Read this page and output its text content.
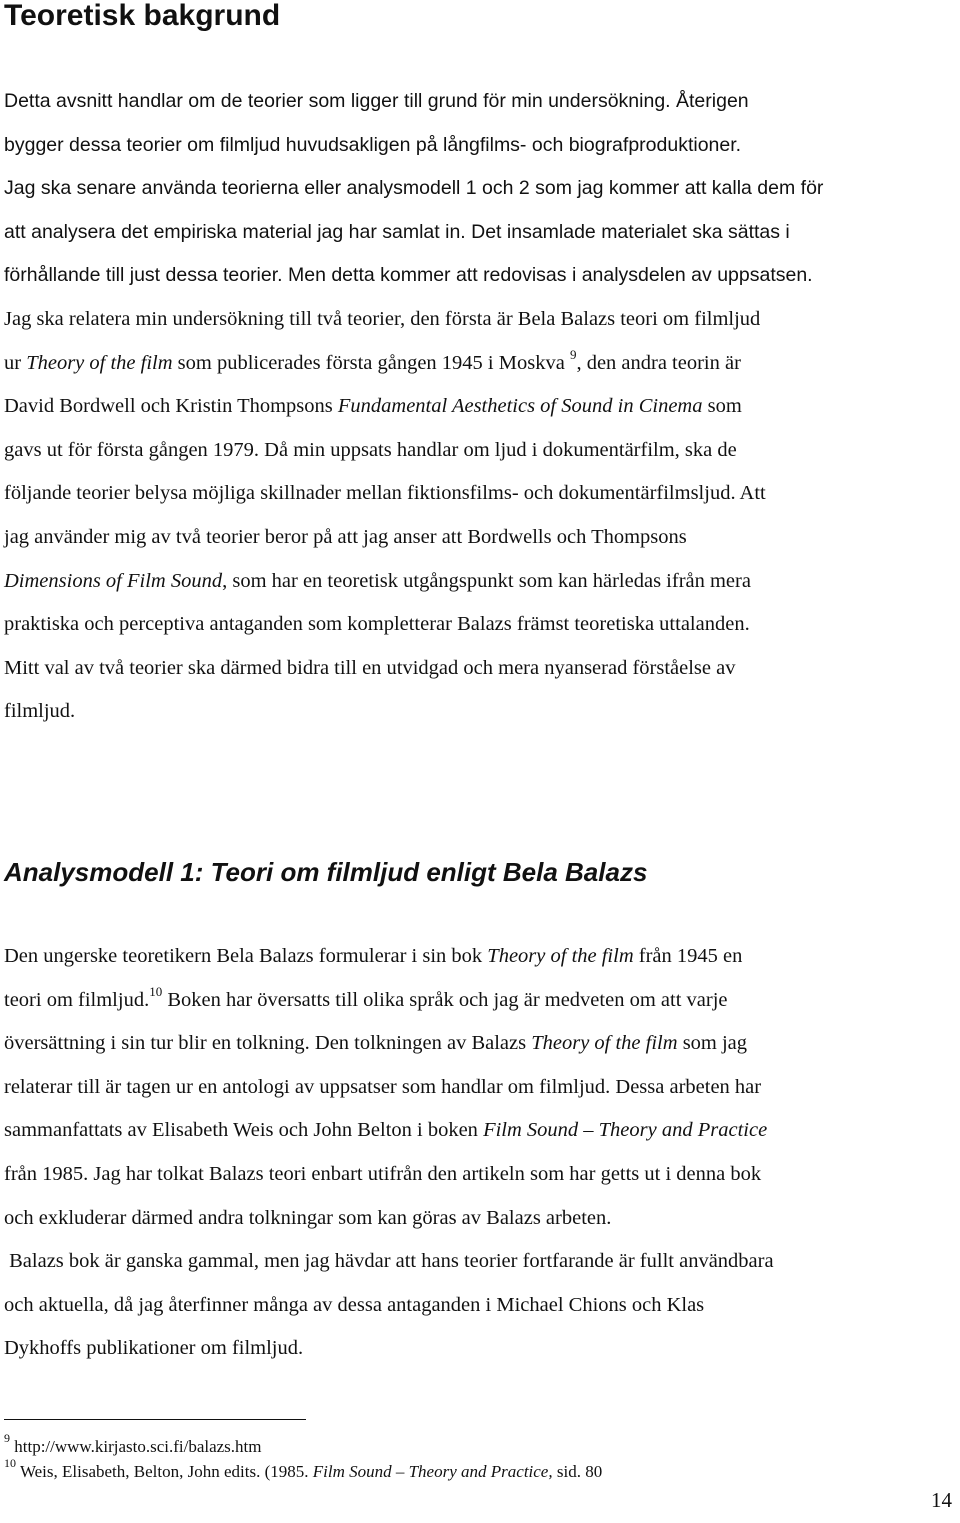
Teoretisk bakgrund
Detta avsnitt handlar om de teorier som ligger till grund för min undersökning. Återigen
bygger dessa teorier om filmljud huvudsakligen på långfilms- och biografproduktioner.
Jag ska senare använda teorierna eller analysmodell 1 och 2 som jag kommer att kalla dem för
att analysera det empiriska material jag har samlat in. Det insamlade materialet ska sättas i
förhållande till just dessa teorier. Men detta kommer att redovisas i analysdelen av uppsatsen.
Jag ska relatera min undersökning till två teorier, den första är Bela Balazs teori om filmljud
ur Theory of the film som publicerades första gången 1945 i Moskva $^9$, den andra teorin är
David Bordwell och Kristin Thompsons Fundamental Aesthetics of Sound in Cinema som
gavs ut för första gången 1979. Då min uppsats handlar om ljud i dokumentärfilm, ska de
följande teorier belysa möjliga skillnader mellan fiktionsfilms- och dokumentärfilmsljud. Att
jag använder mig av två teorier beror på att jag anser att Bordwells och Thompsons
Dimensions of Film Sound, som har en teoretisk utgångspunkt som kan härledas ifrån mera
praktiska och perceptiva antaganden som kompletterar Balazs främst teoretiska uttalanden.
Mitt val av två teorier ska därmed bidra till en utvidgad och mera nyanserad förståelse av
filmljud.
Analysmodell 1: Teori om filmljud enligt Bela Balazs
Den ungerske teoretikern Bela Balazs formulerar i sin bok Theory of the film från 1945 en
teori om filmljud.$^{10}$ Boken har översatts till olika språk och jag är medveten om att varje
översättning i sin tur blir en tolkning. Den tolkningen av Balazs Theory of the film som jag
relaterar till är tagen ur en antologi av uppsatser som handlar om filmljud. Dessa arbeten har
sammanfattats av Elisabeth Weis och John Belton i boken Film Sound – Theory and Practice
från 1985. Jag har tolkat Balazs teori enbart utifrån den artikeln som har getts ut i denna bok
och exkluderar därmed andra tolkningar som kan göras av Balazs arbeten.
Balazs bok är ganska gammal, men jag hävdar att hans teorier fortfarande är fullt användbara
och aktuella, då jag återfinner många av dessa antaganden i Michael Chions och Klas
Dykhoffs publikationer om filmljud.
$^9$ http://www.kirjasto.sci.fi/balazs.htm
$^{10}$ Weis, Elisabeth, Belton, John edits. (1985. Film Sound – Theory and Practice, sid. 80
14
